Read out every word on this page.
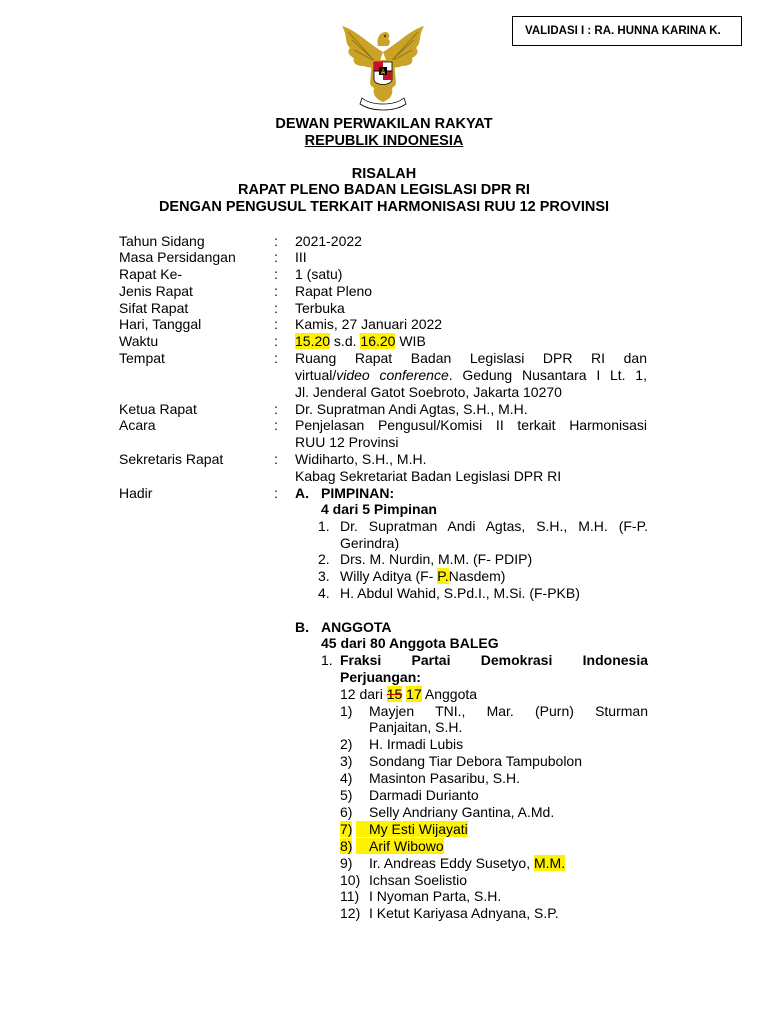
VALIDASI I : RA. HUNNA KARINA K.
DEWAN PERWAKILAN RAKYAT
REPUBLIK INDONESIA
RISALAH
RAPAT PLENO BADAN LEGISLASI DPR RI
DENGAN PENGUSUL TERKAIT HARMONISASI RUU 12 PROVINSI
Tahun Sidang	: 2021-2022
Masa Persidangan	: III
Rapat Ke-	: 1 (satu)
Jenis Rapat	: Rapat Pleno
Sifat Rapat	: Terbuka
Hari, Tanggal	: Kamis, 27 Januari 2022
Waktu	: 15.20 s.d. 16.20 WIB
Tempat	: Ruang Rapat Badan Legislasi DPR RI dan
virtual/video conference. Gedung Nusantara I Lt. 1,
Jl. Jenderal Gatot Soebroto, Jakarta 10270
Ketua Rapat	: Dr. Supratman Andi Agtas, S.H., M.H.
Acara	: Penjelasan Pengusul/Komisi II terkait Harmonisasi
RUU 12 Provinsi
Sekretaris Rapat	: Widiharto, S.H., M.H.
Kabag Sekretariat Badan Legislasi DPR RI
Hadir	: A. PIMPINAN:
4 dari 5 Pimpinan
1. Dr. Supratman Andi Agtas, S.H., M.H. (F-P.
Gerindra)
2. Drs. M. Nurdin, M.M. (F- PDIP)
3. Willy Aditya (F- P.Nasdem)
4. H. Abdul Wahid, S.Pd.I., M.Si. (F-PKB)
B. ANGGOTA
45 dari 80 Anggota BALEG
1. Fraksi Partai Demokrasi Indonesia
Perjuangan:
12 dari 15 17 Anggota
1) Mayjen TNI., Mar. (Purn) Sturman
Panjaitan, S.H.
2) H. Irmadi Lubis
3) Sondang Tiar Debora Tampubolon
4) Masinton Pasaribu, S.H.
5) Darmadi Durianto
6) Selly Andriany Gantina, A.Md.
7) My Esti Wijayati
8) Arif Wibowo
9) Ir. Andreas Eddy Susetyo, M.M.
10) Ichsan Soelistio
11) I Nyoman Parta, S.H.
12) I Ketut Kariyasa Adnyana, S.P.
